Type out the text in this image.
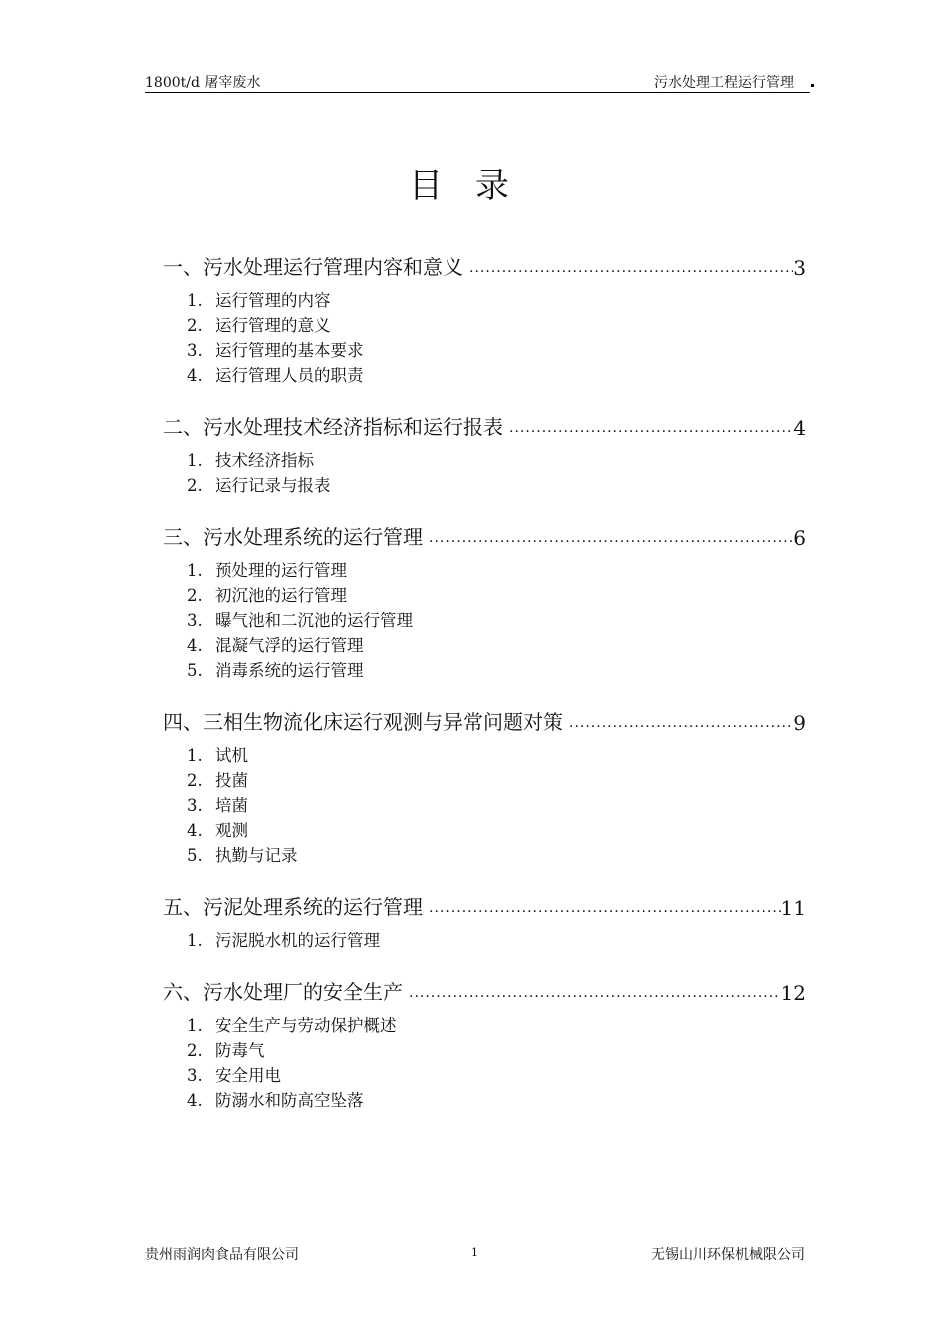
1800t/d 屠宰废水	污水处理工程运行管理
目录
一、污水处理运行管理内容和意义 .....	3
1. 运行管理的内容
2. 运行管理的意义
3. 运行管理的基本要求
4. 运行管理人员的职责
二、污水处理技术经济指标和运行报表 .....	4
1. 技术经济指标
2. 运行记录与报表
三、污水处理系统的运行管理 .....	6
1. 预处理的运行管理
2. 初沉池的运行管理
3. 曝气池和二沉池的运行管理
4. 混凝气浮的运行管理
5. 消毒系统的运行管理
四、三相生物流化床运行观测与异常问题对策 .....	9
1. 试机
2. 投菌
3. 培菌
4. 观测
5. 执勤与记录
五、污泥处理系统的运行管理 .....	11
1. 污泥脱水机的运行管理
六、污水处理厂的安全生产 .....	12
1. 安全生产与劳动保护概述
2. 防毒气
3. 安全用电
4. 防溺水和防高空坠落
贵州雨润肉食品有限公司	1	无锡山川环保机械限公司
